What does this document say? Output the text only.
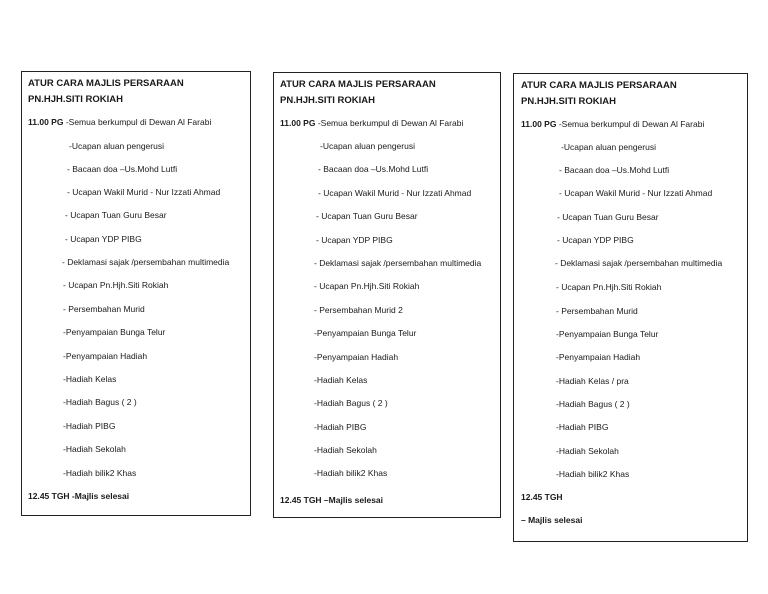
ATUR CARA MAJLIS PERSARAAN
PN.HJH.SITI ROKIAH
11.00 PG -Semua berkumpul di Dewan Al Farabi
-Ucapan aluan pengerusi
- Bacaan doa –Us.Mohd Lutfi
- Ucapan Wakil Murid - Nur Izzati Ahmad
- Ucapan Tuan Guru Besar
- Ucapan YDP PIBG
- Deklamasi sajak /persembahan multimedia
- Ucapan Pn.Hjh.Siti Rokiah
- Persembahan Murid
-Penyampaian Bunga Telur
-Penyampaian Hadiah
-Hadiah Kelas
-Hadiah Bagus ( 2 )
-Hadiah PIBG
-Hadiah Sekolah
-Hadiah bilik2 Khas
12.45 TGH -Majlis selesai
ATUR CARA MAJLIS PERSARAAN
PN.HJH.SITI ROKIAH
11.00 PG -Semua berkumpul di Dewan Al Farabi
-Ucapan aluan pengerusi
- Bacaan doa –Us.Mohd Lutfi
- Ucapan Wakil Murid - Nur Izzati Ahmad
- Ucapan Tuan Guru Besar
- Ucapan YDP PIBG
- Deklamasi sajak /persembahan multimedia
- Ucapan Pn.Hjh.Siti Rokiah
- Persembahan Murid 2
-Penyampaian Bunga Telur
-Penyampaian Hadiah
-Hadiah Kelas
-Hadiah Bagus ( 2 )
-Hadiah PIBG
-Hadiah Sekolah
-Hadiah bilik2 Khas
12.45 TGH –Majlis selesai
ATUR CARA MAJLIS PERSARAAN
PN.HJH.SITI ROKIAH
11.00 PG -Semua berkumpul di Dewan Al Farabi
-Ucapan aluan pengerusi
- Bacaan doa –Us.Mohd Lutfi
- Ucapan Wakil Murid - Nur Izzati Ahmad
- Ucapan Tuan Guru Besar
- Ucapan YDP PIBG
- Deklamasi sajak /persembahan multimedia
- Ucapan Pn.Hjh.Siti Rokiah
- Persembahan Murid
-Penyampaian Bunga Telur
-Penyampaian Hadiah
-Hadiah Kelas / pra
-Hadiah Bagus ( 2 )
-Hadiah PIBG
-Hadiah Sekolah
-Hadiah bilik2 Khas
12.45 TGH
– Majlis selesai
